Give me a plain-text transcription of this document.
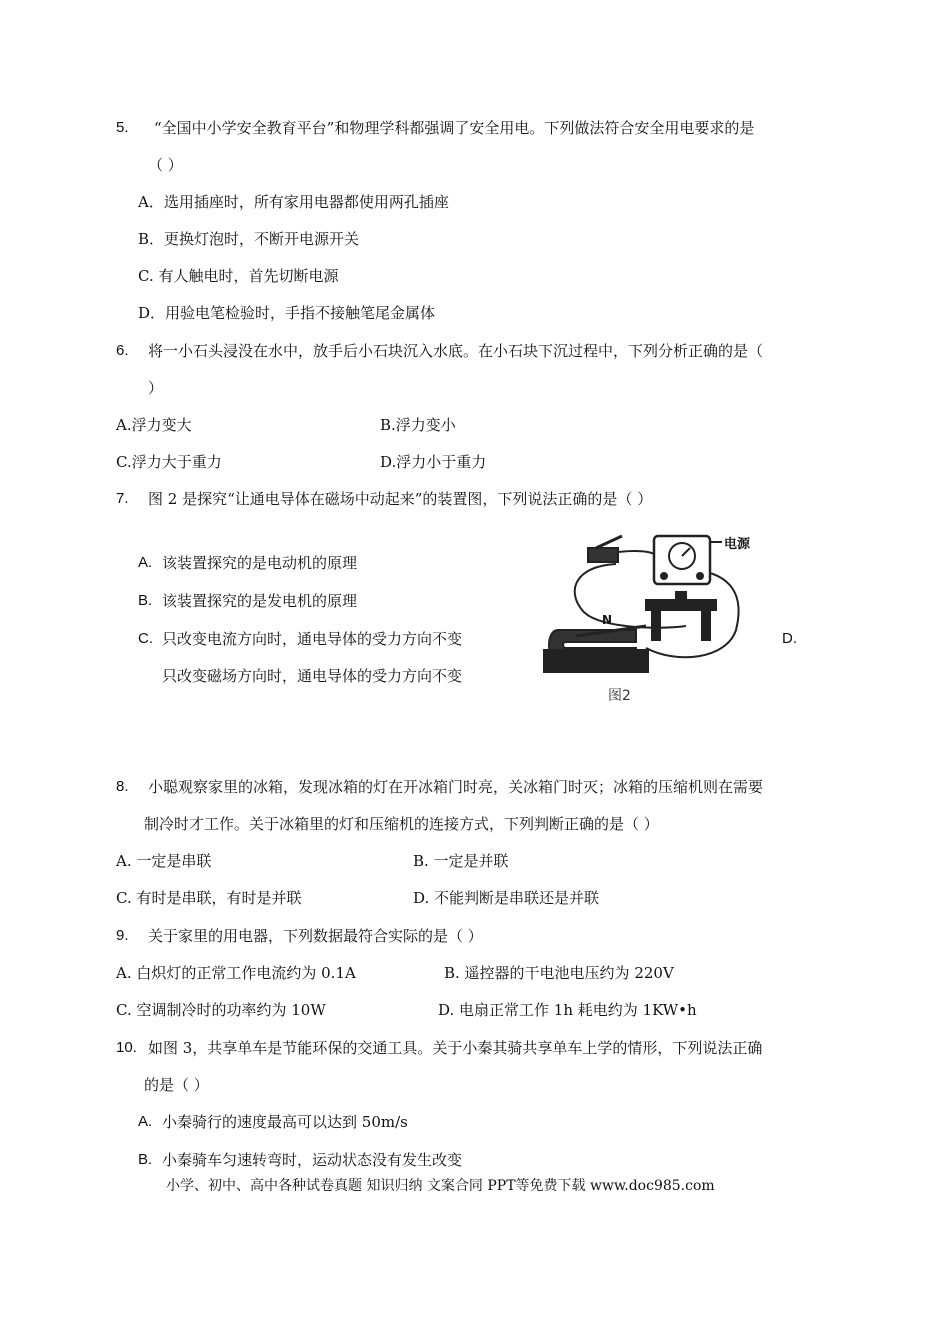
5. “全国中小学安全教育平台”和物理学科都强调了安全用电。下列做法符合安全用电要求的是
（ ）
A．选用插座时，所有家用电器都使用两孔插座
B．更换灯泡时，不断开电源开关
C. 有人触电时，首先切断电源
D．用验电笔检验时，手指不接触笔尾金属体
6. 将一小石头浸没在水中，放手后小石块沉入水底。在小石块下沉过程中，下列分析正确的是（
）
A.浮力变大	B.浮力变小
C.浮力大于重力	D.浮力小于重力
7. 图 2 是探究“让通电导体在磁场中动起来”的装置图，下列说法正确的是（ ）
A. 该装置探究的是电动机的原理
B. 该装置探究的是发电机的原理
C. 只改变电流方向时，通电导体的受力方向不变	D.
只改变磁场方向时，通电导体的受力方向不变
电源
N
图2
8. 小聪观察家里的冰箱，发现冰箱的灯在开冰箱门时亮，关冰箱门时灭；冰箱的压缩机则在需要
制冷时才工作。关于冰箱里的灯和压缩机的连接方式，下列判断正确的是（ ）
A. 一定是串联	B. 一定是并联
C. 有时是串联，有时是并联	D. 不能判断是串联还是并联
9. 关于家里的用电器，下列数据最符合实际的是（ ）
A. 白炽灯的正常工作电流约为 0.1A	B. 遥控器的干电池电压约为 220V
C. 空调制冷时的功率约为 10W	D. 电扇正常工作 1h 耗电约为 1KW•h
10. 如图 3，共享单车是节能环保的交通工具。关于小秦其骑共享单车上学的情形，下列说法正确
的是（ ）
A. 小秦骑行的速度最高可以达到 50m/s
B. 小秦骑车匀速转弯时，运动状态没有发生改变
小学、初中、高中各种试卷真题 知识归纳 文案合同 PPT等免费下载 www.doc985.com
